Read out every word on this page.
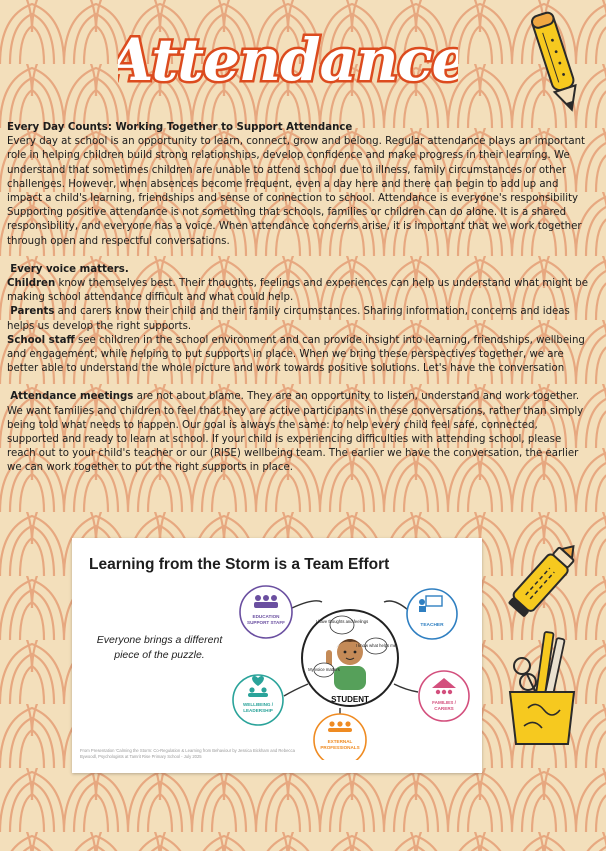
Attendance

Every Day Counts: Working Together to Support Attendance

Every day at school is an opportunity to learn, connect, grow and belong. Regular attendance plays an important role in helping children build strong relationships, develop confidence and make progress in their learning. We understand that sometimes children are unable to attend school due to illness, family circumstances or other challenges. However, when absences become frequent, even a day here and there can begin to add up and impact a child's learning, friendships and sense of connection to school. Attendance is everyone's responsibility Supporting positive attendance is not something that schools, families or children can do alone. It is a shared responsibility, and everyone has a voice. When attendance concerns arise, it is important that we work together through open and respectful conversations.

Every voice matters.

Children know themselves best. Their thoughts, feelings and experiences can help us understand what might be making school attendance difficult and what could help.

Parents and carers know their child and their family circumstances. Sharing information, concerns and ideas helps us develop the right supports.

School staff see children in the school environment and can provide insight into learning, friendships, wellbeing and engagement, while helping to put supports in place. When we bring these perspectives together, we are better able to understand the whole picture and work towards positive solutions. Let's have the conversation

Attendance meetings are not about blame. They are an opportunity to listen, understand and work together. We want families and children to feel that they are active participants in these conversations, rather than simply being told what needs to happen. Our goal is always the same: to help every child feel safe, connected, supported and ready to learn at school. If your child is experiencing difficulties with attending school, please reach out to your child's teacher or our (RISE) wellbeing team. The earlier we have the conversation, the earlier we can work together to put the right supports in place.

Learning from the Storm is a Team Effort
Everyone brings a different piece of the puzzle.
I have thoughts and feelings
I know what helps me
My voice matters
STUDENT
EDUCATION
SUPPORT STAFF
TEACHER
FAMILIES /
CARERS
EXTERNAL
PROFESSIONALS
WELLBEING /
LEADERSHIP
From Presentation 'Calming the Storm: Co-Regulation & Learning from Behaviour by Jessica Bickham and Rebecca Bywoodl, Psychologists at Tamrit Rise Primary School - July 2025
